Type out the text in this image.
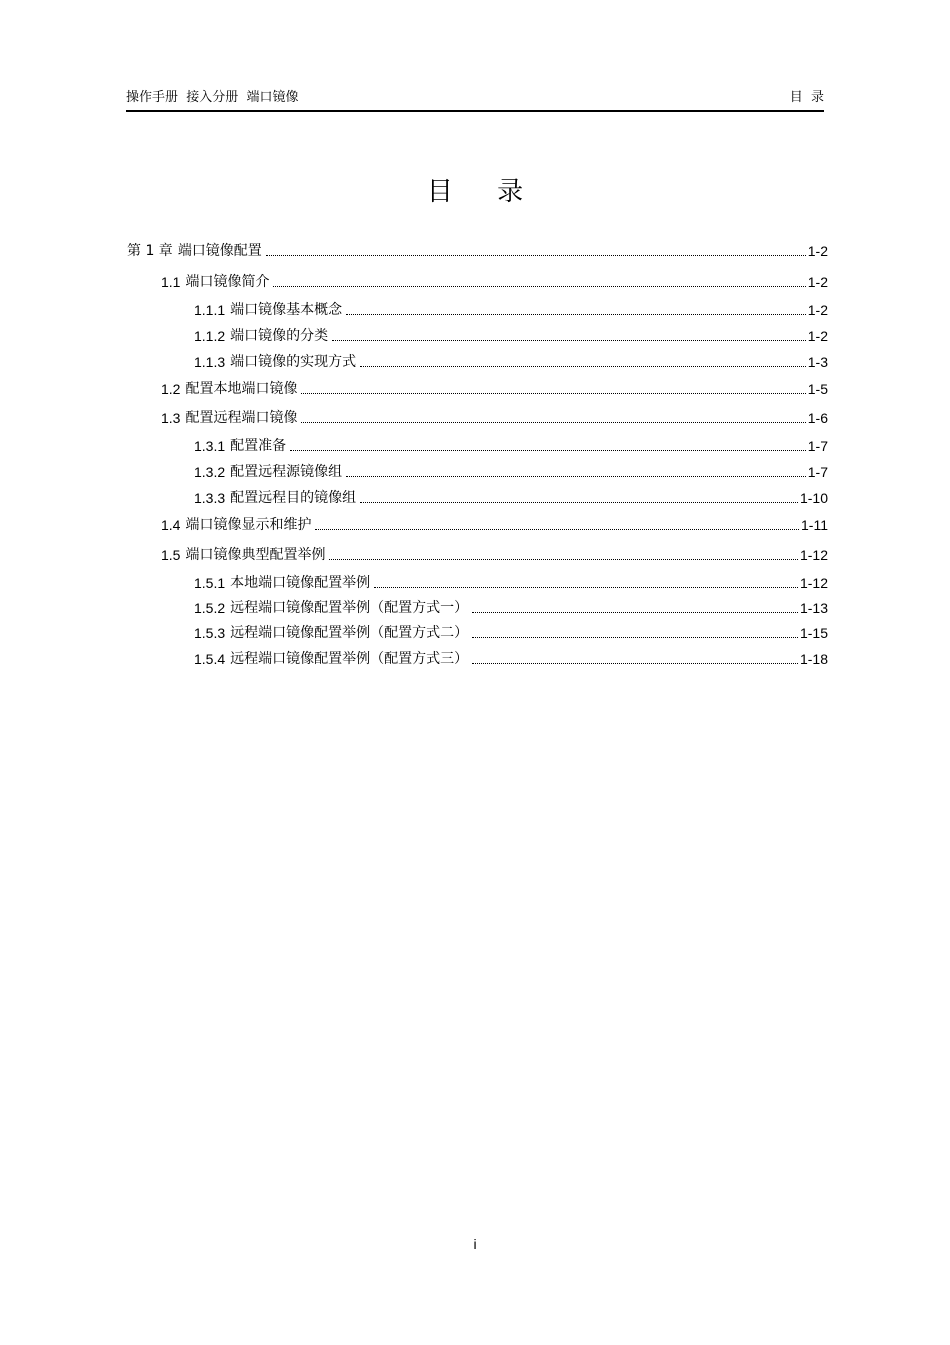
操作手册  接入分册  端口镜像	目  录
目 录
第 1 章 端口镜像配置	1-2
1.1 端口镜像简介	1-2
1.1.1 端口镜像基本概念	1-2
1.1.2 端口镜像的分类	1-2
1.1.3 端口镜像的实现方式	1-3
1.2 配置本地端口镜像	1-5
1.3 配置远程端口镜像	1-6
1.3.1 配置准备	1-7
1.3.2 配置远程源镜像组	1-7
1.3.3 配置远程目的镜像组	1-10
1.4 端口镜像显示和维护	1-11
1.5 端口镜像典型配置举例	1-12
1.5.1 本地端口镜像配置举例	1-12
1.5.2 远程端口镜像配置举例（配置方式一）	1-13
1.5.3 远程端口镜像配置举例（配置方式二）	1-15
1.5.4 远程端口镜像配置举例（配置方式三）	1-18
i
